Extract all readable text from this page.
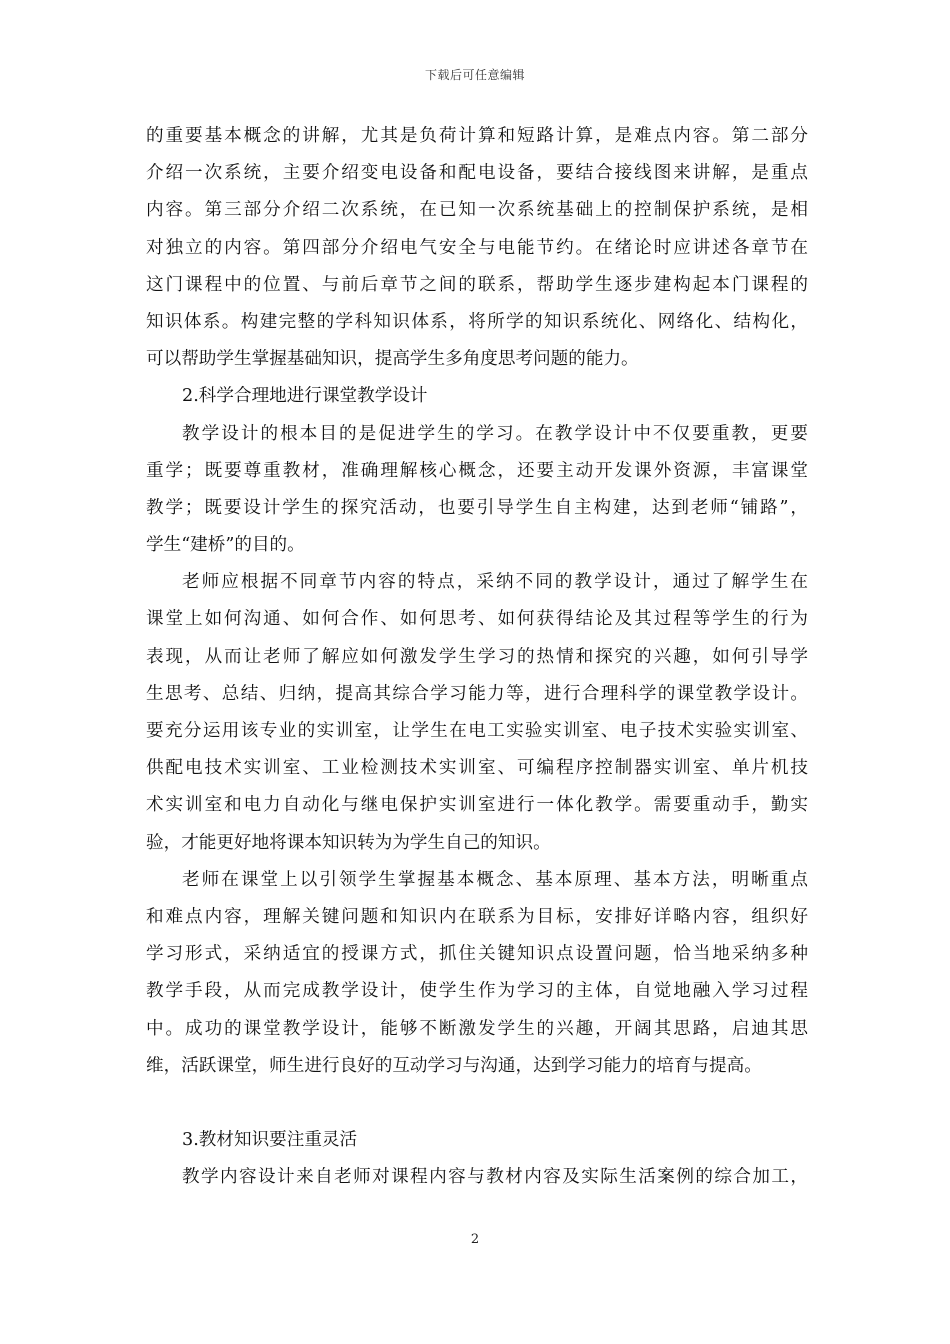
下载后可任意编辑
的重要基本概念的讲解，尤其是负荷计算和短路计算，是难点内容。第二部分
介绍一次系统，主要介绍变电设备和配电设备，要结合接线图来讲解，是重点
内容。第三部分介绍二次系统，在已知一次系统基础上的控制保护系统，是相
对独立的内容。第四部分介绍电气安全与电能节约。在绪论时应讲述各章节在
这门课程中的位置、与前后章节之间的联系，帮助学生逐步建构起本门课程的
知识体系。构建完整的学科知识体系，将所学的知识系统化、网络化、结构化，
可以帮助学生掌握基础知识，提高学生多角度思考问题的能力。
2.科学合理地进行课堂教学设计
教学设计的根本目的是促进学生的学习。在教学设计中不仅要重教，更要
重学；既要尊重教材，准确理解核心概念，还要主动开发课外资源，丰富课堂
教学；既要设计学生的探究活动，也要引导学生自主构建，达到老师“铺路”，
学生“建桥”的目的。
老师应根据不同章节内容的特点，采纳不同的教学设计，通过了解学生在
课堂上如何沟通、如何合作、如何思考、如何获得结论及其过程等学生的行为
表现，从而让老师了解应如何激发学生学习的热情和探究的兴趣，如何引导学
生思考、总结、归纳，提高其综合学习能力等，进行合理科学的课堂教学设计。
要充分运用该专业的实训室，让学生在电工实验实训室、电子技术实验实训室、
供配电技术实训室、工业检测技术实训室、可编程序控制器实训室、单片机技
术实训室和电力自动化与继电保护实训室进行一体化教学。需要重动手，勤实
验，才能更好地将课本知识转为为学生自己的知识。
老师在课堂上以引领学生掌握基本概念、基本原理、基本方法，明晰重点
和难点内容，理解关键问题和知识内在联系为目标，安排好详略内容，组织好
学习形式，采纳适宜的授课方式，抓住关键知识点设置问题，恰当地采纳多种
教学手段，从而完成教学设计，使学生作为学习的主体，自觉地融入学习过程
中。成功的课堂教学设计，能够不断激发学生的兴趣，开阔其思路，启迪其思
维，活跃课堂，师生进行良好的互动学习与沟通，达到学习能力的培育与提高。
3.教材知识要注重灵活
教学内容设计来自老师对课程内容与教材内容及实际生活案例的综合加工，
2
